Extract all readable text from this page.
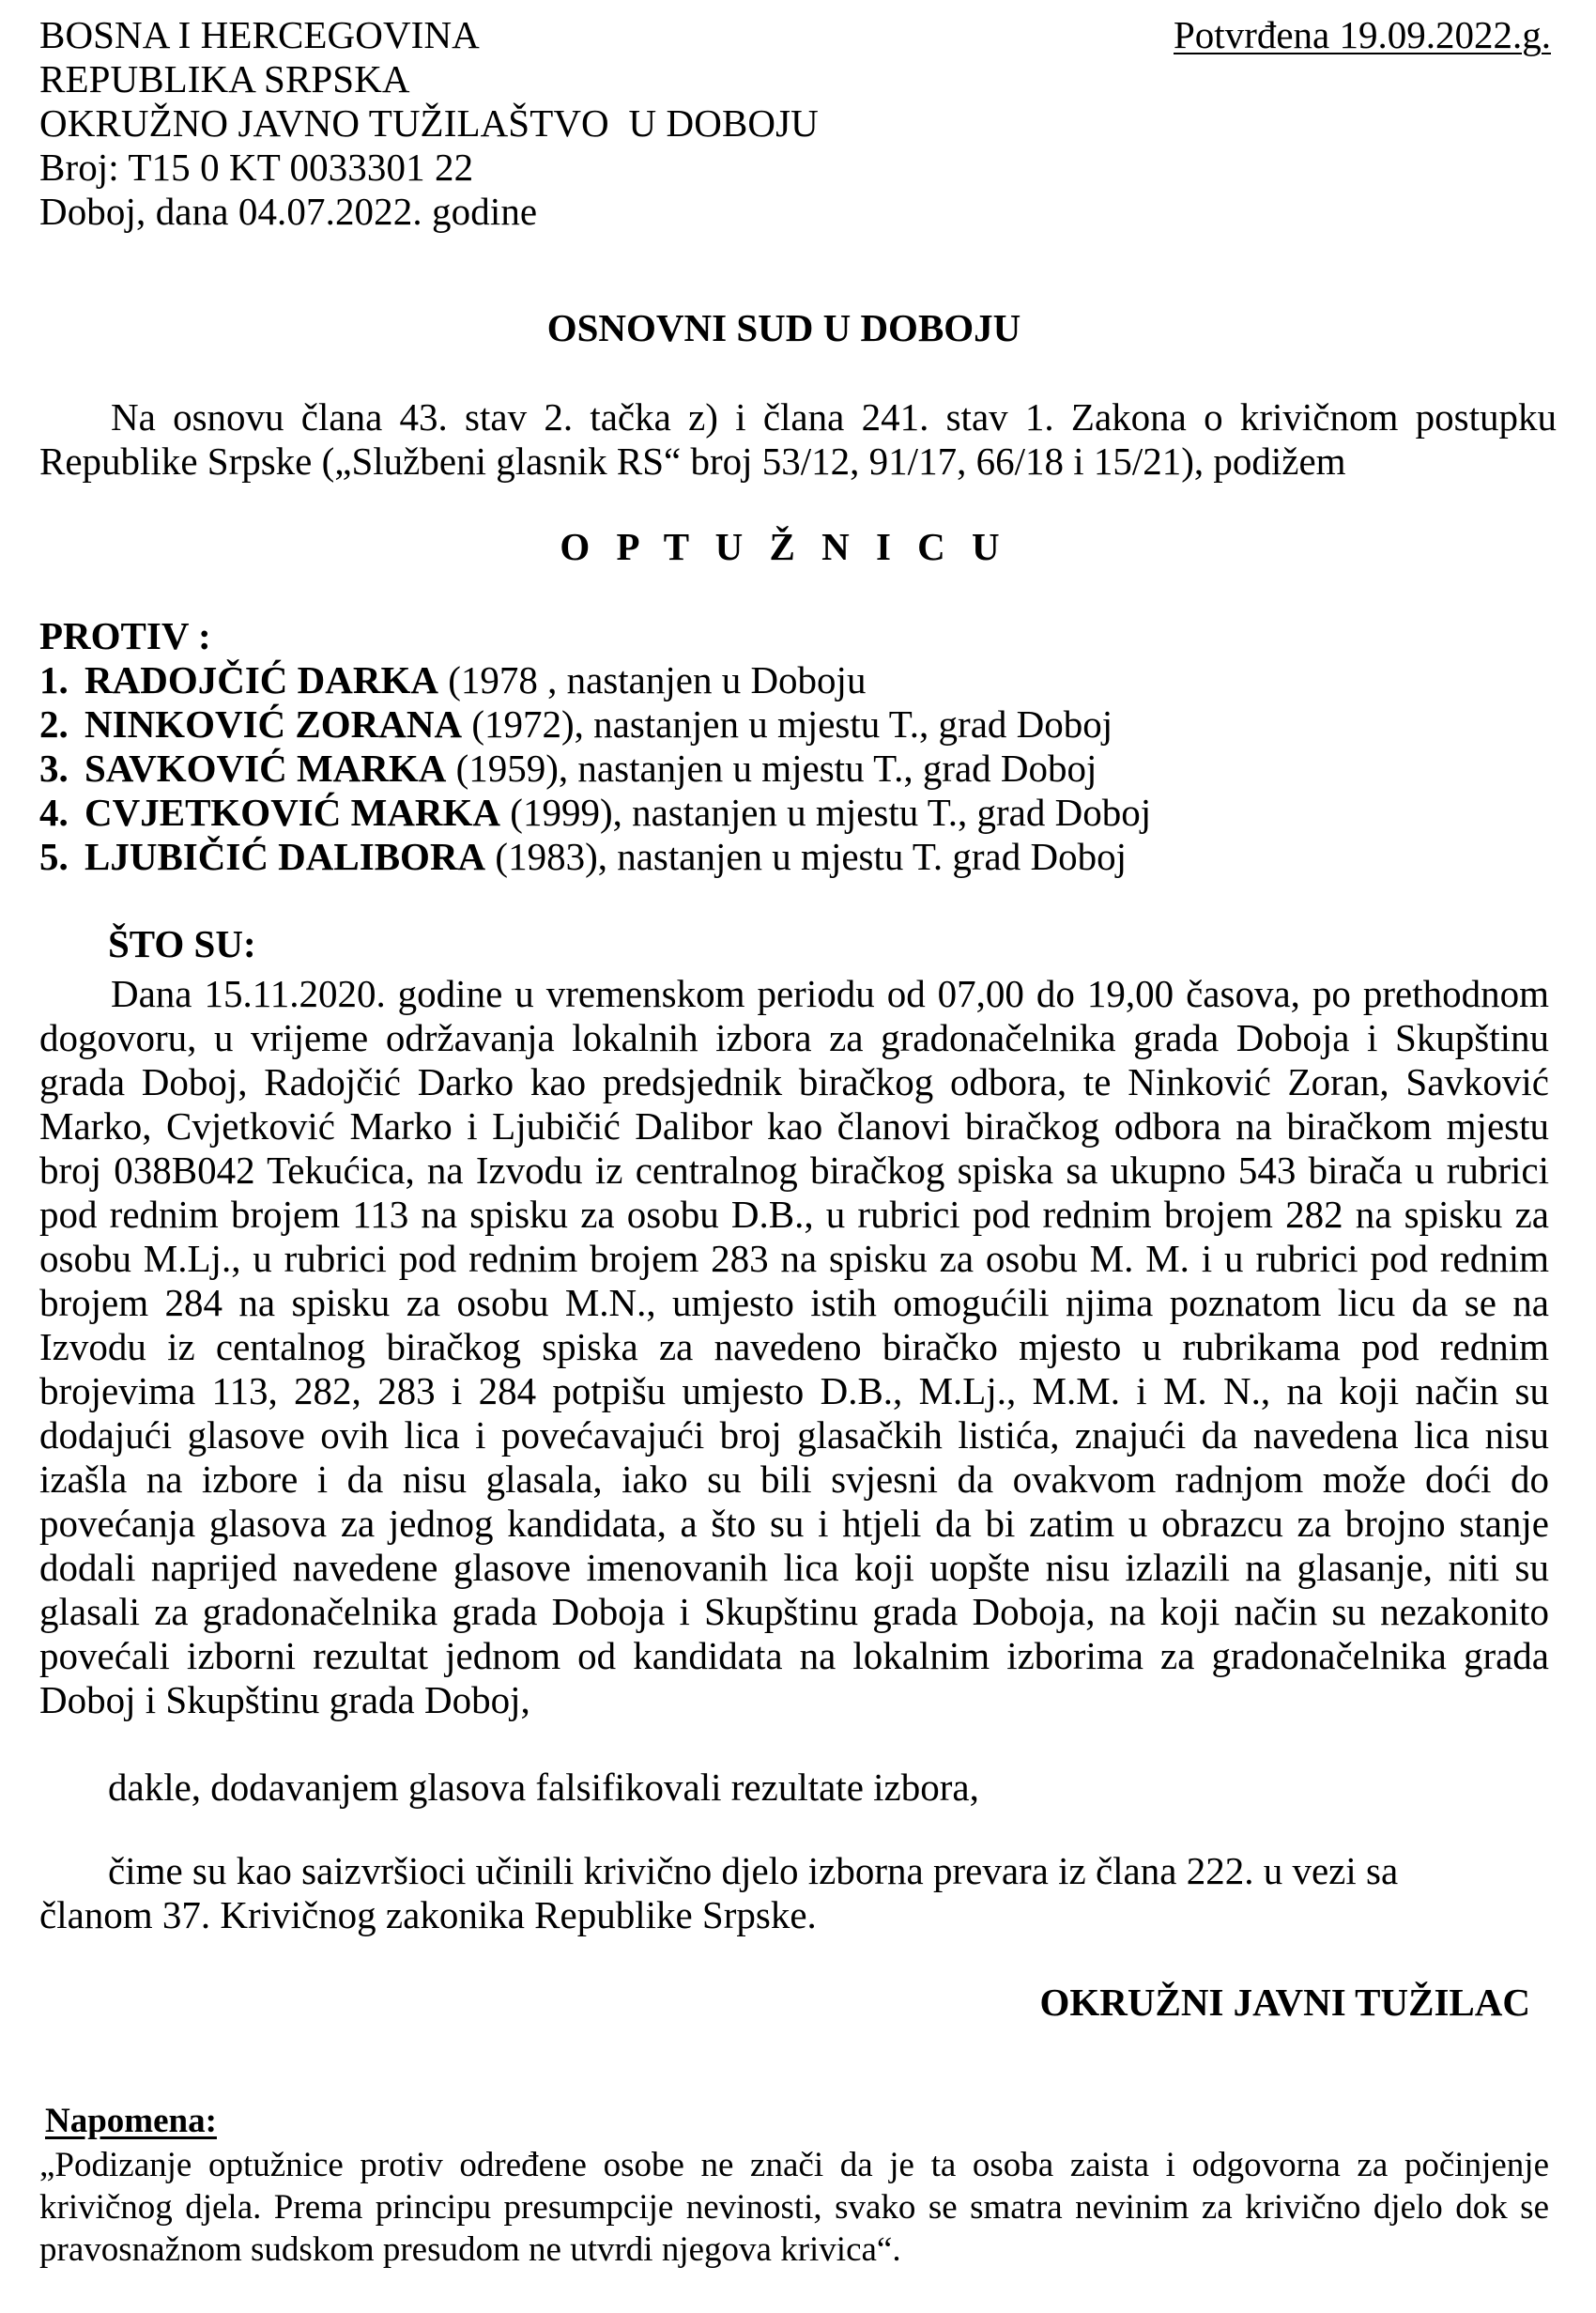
BOSNA I HERCEGOVINA
REPUBLIKA SRPSKA
OKRUŽNO JAVNO TUŽILAŠTVO  U DOBOJU
Broj: T15 0 KT 0033301 22
Doboj, dana 04.07.2022. godine
Potvrđena 19.09.2022.g.
OSNOVNI SUD U DOBOJU

Na osnovu člana 43. stav 2. tačka z) i člana 241. stav 1. Zakona o krivičnom postupku Republike Srpske („Službeni glasnik RS“ broj 53/12, 91/17, 66/18 i 15/21), podižem

O P T U Ž N I C U
PROTIV :
1. RADOJČIĆ DARKA (1978 , nastanjen u Doboju
2. NINKOVIĆ ZORANA (1972), nastanjen u mjestu T., grad Doboj
3. SAVKOVIĆ MARKA (1959), nastanjen u mjestu T., grad Doboj
4. CVJETKOVIĆ MARKA (1999), nastanjen u mjestu T., grad Doboj
5. LJUBIČIĆ DALIBORA (1983), nastanjen u mjestu T. grad Doboj
ŠTO SU:

Dana 15.11.2020. godine u vremenskom periodu od 07,00 do 19,00 časova, po prethodnom dogovoru, u vrijeme održavanja lokalnih izbora za gradonačelnika grada Doboja i Skupštinu grada Doboj, Radojčić Darko kao predsjednik biračkog odbora, te Ninković Zoran, Savković Marko, Cvjetković Marko i Ljubičić Dalibor kao članovi biračkog odbora na biračkom mjestu broj 038B042 Tekućica, na Izvodu iz centralnog biračkog spiska sa ukupno 543 birača u rubrici pod rednim brojem 113 na spisku za osobu D.B., u rubrici pod rednim brojem 282 na spisku za osobu M.Lj., u rubrici pod rednim brojem 283 na spisku za osobu M. M. i u rubrici pod rednim brojem 284 na spisku za osobu M.N., umjesto istih omogućili njima poznatom licu da se na Izvodu iz centalnog biračkog spiska za navedeno biračko mjesto u rubrikama pod rednim brojevima 113, 282, 283 i 284 potpišu umjesto D.B., M.Lj., M.M. i M. N., na koji način su dodajući glasove ovih lica i povećavajući broj glasačkih listića, znajući da navedena lica nisu izašla na izbore i da nisu glasala, iako su bili svjesni da ovakvom radnjom može doći do povećanja glasova za jednog kandidata, a što su i htjeli da bi zatim u obrazcu za brojno stanje dodali naprijed navedene glasove imenovanih lica koji uopšte nisu izlazili na glasanje, niti su glasali za gradonačelnika grada Doboja i Skupštinu grada Doboja, na koji način su nezakonito povećali izborni rezultat jednom od kandidata na lokalnim izborima za gradonačelnika grada Doboj i Skupštinu grada Doboj,

dakle, dodavanjem glasova falsifikovali rezultate izbora,

čime su kao saizvršioci učinili krivično djelo izborna prevara iz člana 222. u vezi sa

članom 37. Krivičnog zakonika Republike Srpske.
OKRUŽNI JAVNI TUŽILAC
Napomena:
„Podizanje optužnice protiv određene osobe ne znači da je ta osoba zaista i odgovorna za počinjenje krivičnog djela. Prema principu presumpcije nevinosti, svako se smatra nevinim za krivično djelo dok se pravosnažnom sudskom presudom ne utvrdi njegova krivica“.
